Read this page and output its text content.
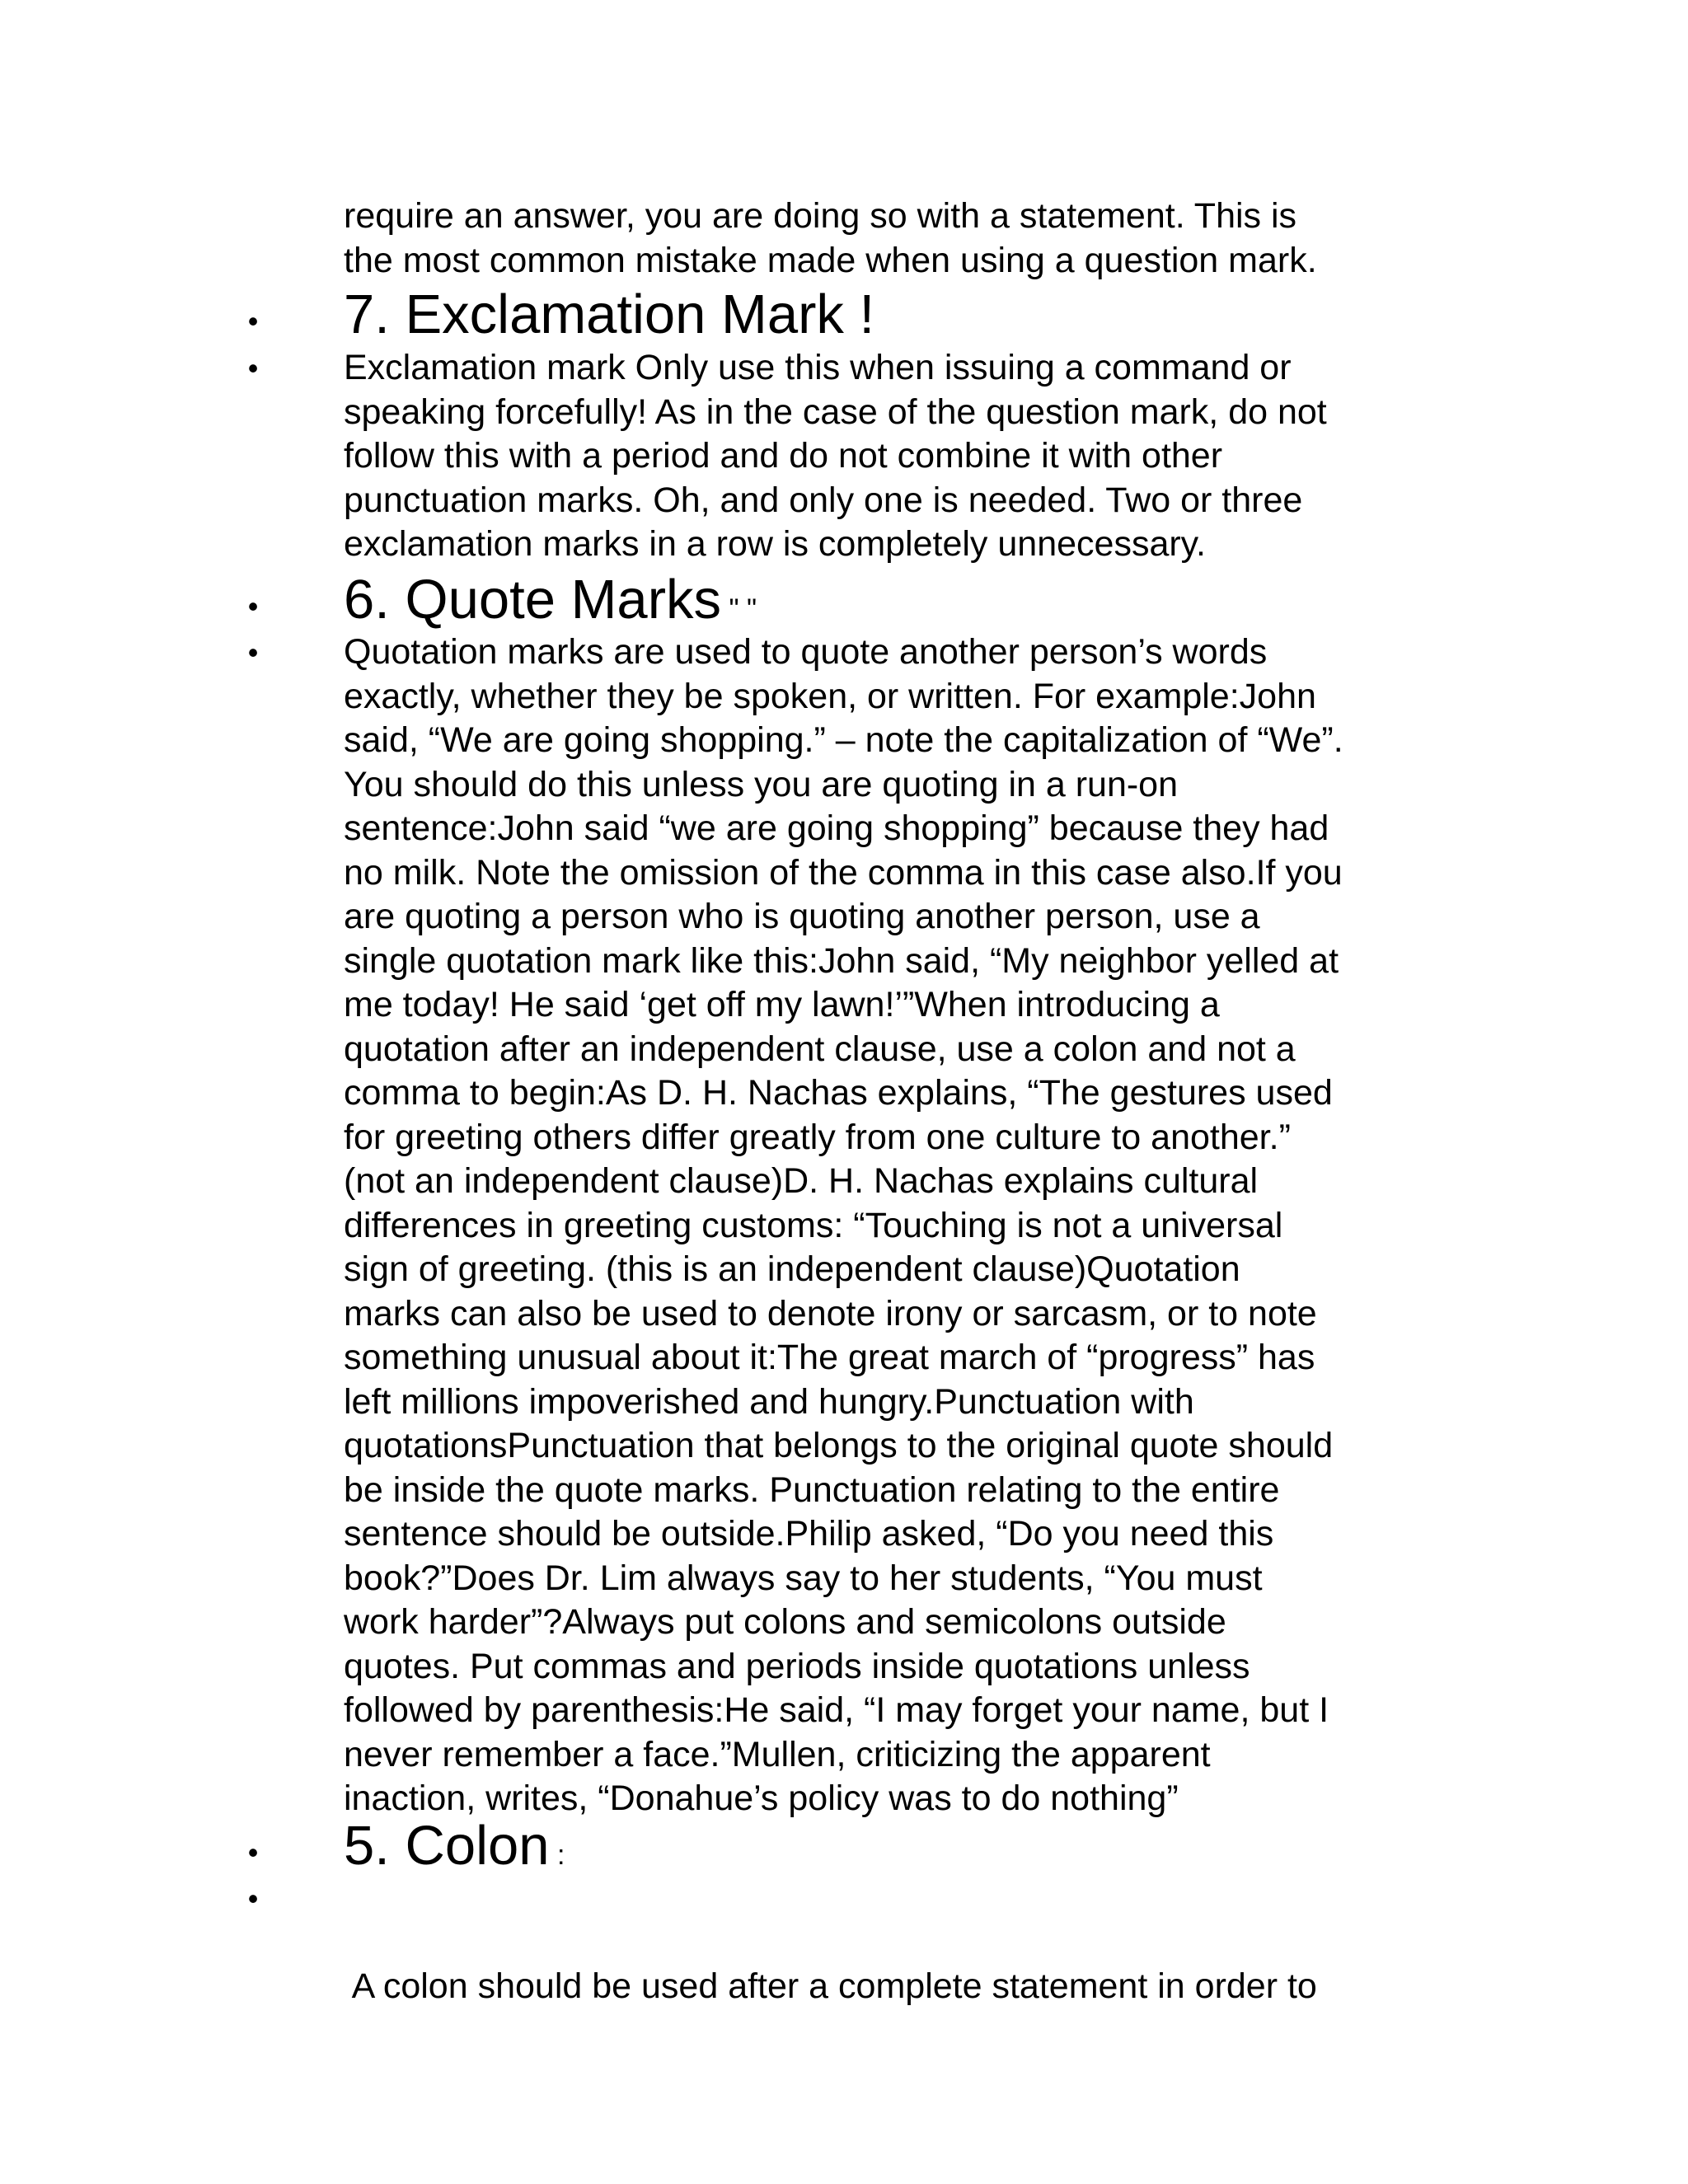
require an answer, you are doing so with a statement. This is
the most common mistake made when using a question mark.
• 7. Exclamation Mark !
• Exclamation mark Only use this when issuing a command or
speaking forcefully! As in the case of the question mark, do not
follow this with a period and do not combine it with other
punctuation marks. Oh, and only one is needed. Two or three
exclamation marks in a row is completely unnecessary.
• 6. Quote Marks " "
• Quotation marks are used to quote another person’s words
exactly, whether they be spoken, or written. For example:John
said, “We are going shopping.” – note the capitalization of “We”.
You should do this unless you are quoting in a run-on
sentence:John said “we are going shopping” because they had
no milk. Note the omission of the comma in this case also.If you
are quoting a person who is quoting another person, use a
single quotation mark like this:John said, “My neighbor yelled at
me today! He said ‘get off my lawn!’”When introducing a
quotation after an independent clause, use a colon and not a
comma to begin:As D. H. Nachas explains, “The gestures used
for greeting others differ greatly from one culture to another.”
(not an independent clause)D. H. Nachas explains cultural
differences in greeting customs: “Touching is not a universal
sign of greeting. (this is an independent clause)Quotation
marks can also be used to denote irony or sarcasm, or to note
something unusual about it:The great march of “progress” has
left millions impoverished and hungry.Punctuation with
quotationsPunctuation that belongs to the original quote should
be inside the quote marks. Punctuation relating to the entire
sentence should be outside.Philip asked, “Do you need this
book?”Does Dr. Lim always say to her students, “You must
work harder”?Always put colons and semicolons outside
quotes. Put commas and periods inside quotations unless
followed by parenthesis:He said, “I may forget your name, but I
never remember a face.”Mullen, criticizing the apparent
inaction, writes, “Donahue’s policy was to do nothing”
• 5. Colon :
•

A colon should be used after a complete statement in order to
